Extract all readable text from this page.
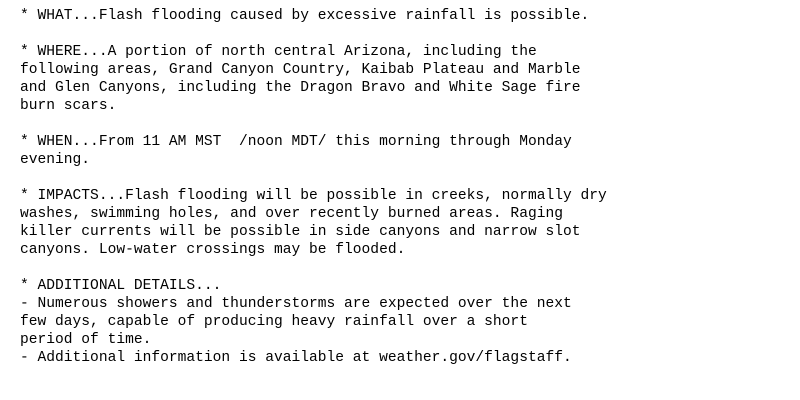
* WHAT...Flash flooding caused by excessive rainfall is possible.
* WHERE...A portion of north central Arizona, including the
following areas, Grand Canyon Country, Kaibab Plateau and Marble
and Glen Canyons, including the Dragon Bravo and White Sage fire
burn scars.
* WHEN...From 11 AM MST  /noon MDT/ this morning through Monday
evening.
* IMPACTS...Flash flooding will be possible in creeks, normally dry
washes, swimming holes, and over recently burned areas. Raging
killer currents will be possible in side canyons and narrow slot
canyons. Low-water crossings may be flooded.
* ADDITIONAL DETAILS...
- Numerous showers and thunderstorms are expected over the next
few days, capable of producing heavy rainfall over a short
period of time.
- Additional information is available at weather.gov/flagstaff.
